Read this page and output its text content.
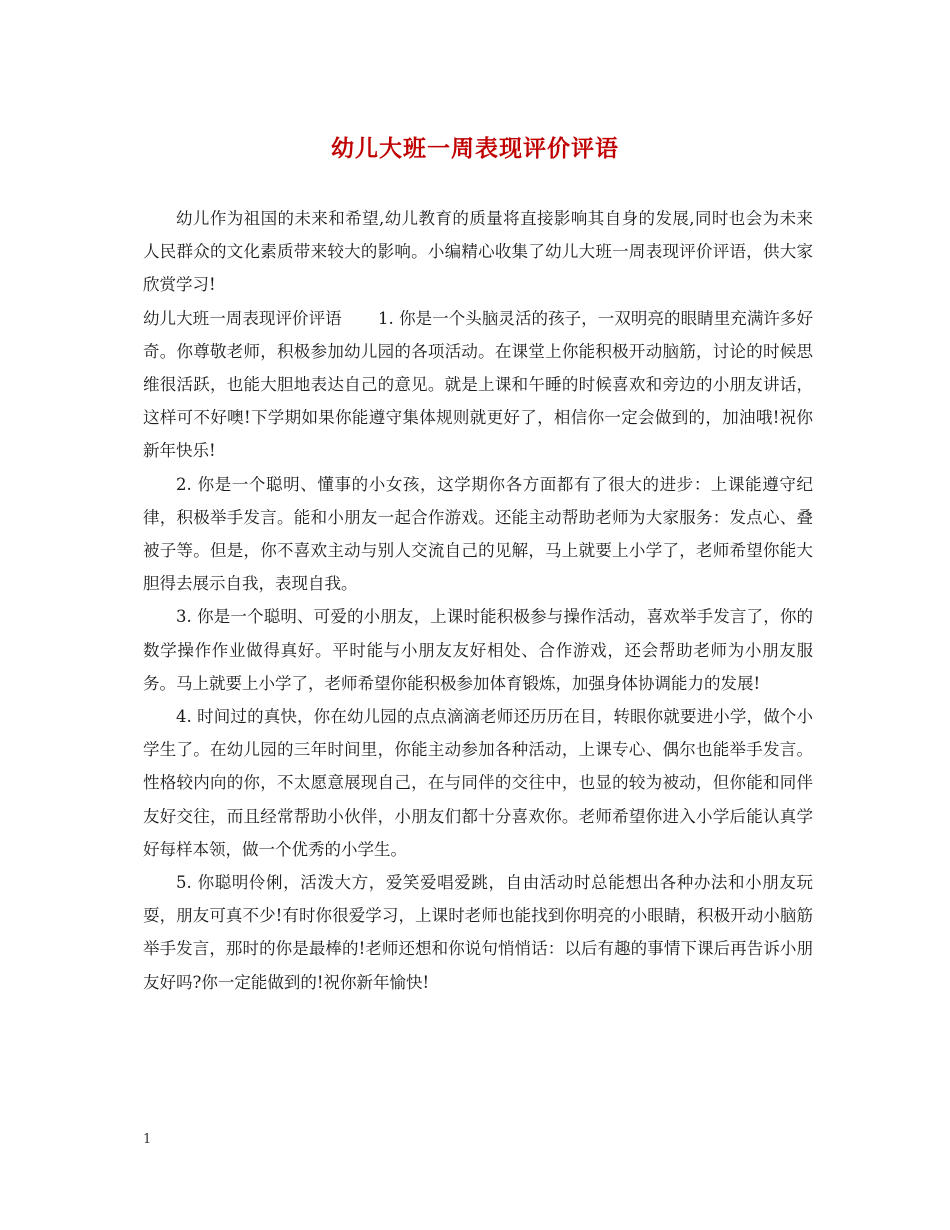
幼儿大班一周表现评价评语

幼儿作为祖国的未来和希望,幼儿教育的质量将直接影响其自身的发展,同时也会为未来人民群众的文化素质带来较大的影响。小编精心收集了幼儿大班一周表现评价评语，供大家欣赏学习!

幼儿大班一周表现评价评语 1. 你是一个头脑灵活的孩子，一双明亮的眼睛里充满许多好奇。你尊敬老师，积极参加幼儿园的各项活动。在课堂上你能积极开动脑筋，讨论的时候思维很活跃，也能大胆地表达自己的意见。就是上课和午睡的时候喜欢和旁边的小朋友讲话，这样可不好噢!下学期如果你能遵守集体规则就更好了，相信你一定会做到的，加油哦!祝你新年快乐!

2. 你是一个聪明、懂事的小女孩，这学期你各方面都有了很大的进步：上课能遵守纪律，积极举手发言。能和小朋友一起合作游戏。还能主动帮助老师为大家服务：发点心、叠被子等。但是，你不喜欢主动与别人交流自己的见解，马上就要上小学了，老师希望你能大胆得去展示自我，表现自我。

3. 你是一个聪明、可爱的小朋友，上课时能积极参与操作活动，喜欢举手发言了，你的数学操作作业做得真好。平时能与小朋友友好相处、合作游戏，还会帮助老师为小朋友服务。马上就要上小学了，老师希望你能积极参加体育锻炼，加强身体协调能力的发展!

4. 时间过的真快，你在幼儿园的点点滴滴老师还历历在目，转眼你就要进小学，做个小学生了。在幼儿园的三年时间里，你能主动参加各种活动，上课专心、偶尔也能举手发言。性格较内向的你，不太愿意展现自己，在与同伴的交往中，也显的较为被动，但你能和同伴友好交往，而且经常帮助小伙伴，小朋友们都十分喜欢你。老师希望你进入小学后能认真学好每样本领，做一个优秀的小学生。

5. 你聪明伶俐，活泼大方，爱笑爱唱爱跳，自由活动时总能想出各种办法和小朋友玩耍，朋友可真不少!有时你很爱学习，上课时老师也能找到你明亮的小眼睛，积极开动小脑筋举手发言，那时的你是最棒的!老师还想和你说句悄悄话：以后有趣的事情下课后再告诉小朋友好吗?你一定能做到的!祝你新年愉快!

1
